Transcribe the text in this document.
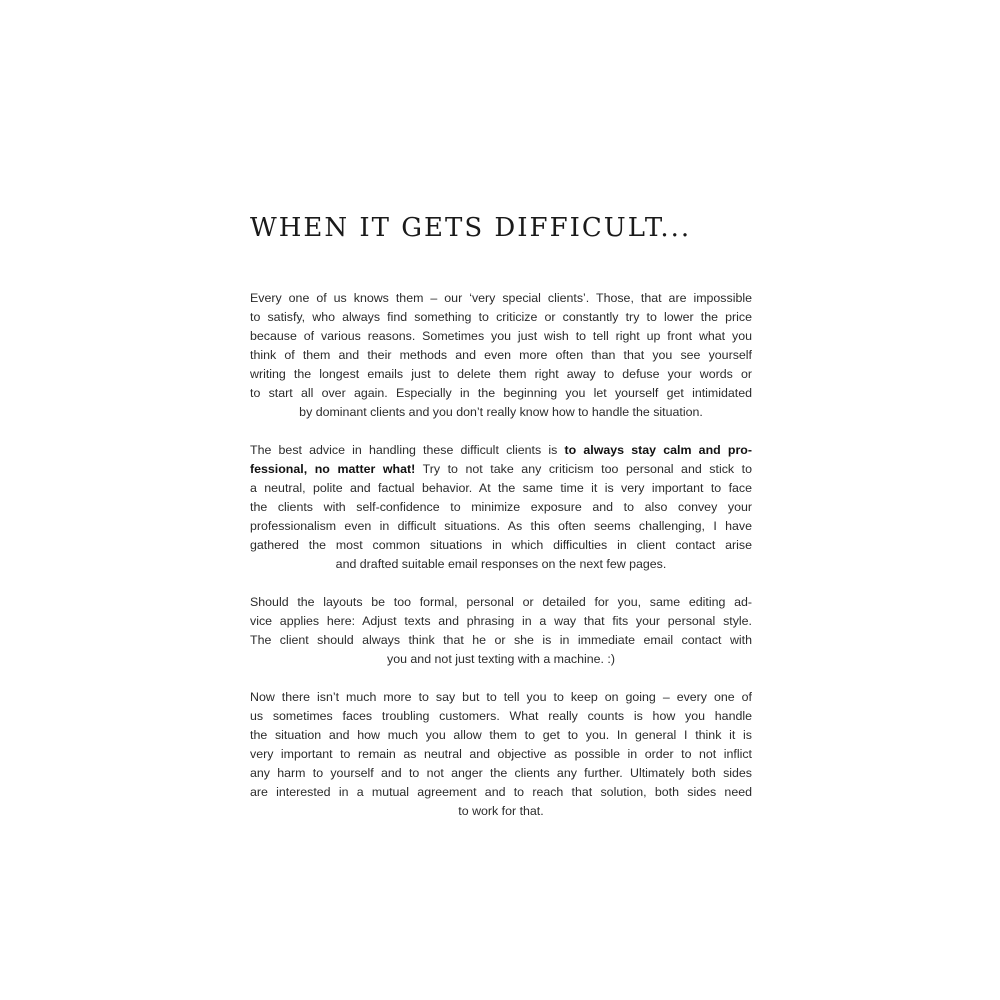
WHEN IT GETS DIFFICULT...
Every one of us knows them – our ‘very special clients’. Those, that are impossible
to satisfy, who always find something to criticize or constantly try to lower the price
because of various reasons. Sometimes you just wish to tell right up front what you
think of them and their methods and even more often than that you see yourself
writing the longest emails just to delete them right away to defuse your words or
to start all over again. Especially in the beginning you let yourself get intimidated
by dominant clients and you don’t really know how to handle the situation.
The best advice in handling these difficult clients is to always stay calm and pro-
fessional, no matter what! Try to not take any criticism too personal and stick to
a neutral, polite and factual behavior. At the same time it is very important to face
the clients with self-confidence to minimize exposure and to also convey your
professionalism even in difficult situations. As this often seems challenging, I have
gathered the most common situations in which difficulties in client contact arise
and drafted suitable email responses on the next few pages.
Should the layouts be too formal, personal or detailed for you, same editing ad-
vice applies here: Adjust texts and phrasing in a way that fits your personal style.
The client should always think that he or she is in immediate email contact with
you and not just texting with a machine. :)
Now there isn’t much more to say but to tell you to keep on going – every one of
us sometimes faces troubling customers. What really counts is how you handle
the situation and how much you allow them to get to you. In general I think it is
very important to remain as neutral and objective as possible in order to not inflict
any harm to yourself and to not anger the clients any further. Ultimately both sides
are interested in a mutual agreement and to reach that solution, both sides need
to work for that.
